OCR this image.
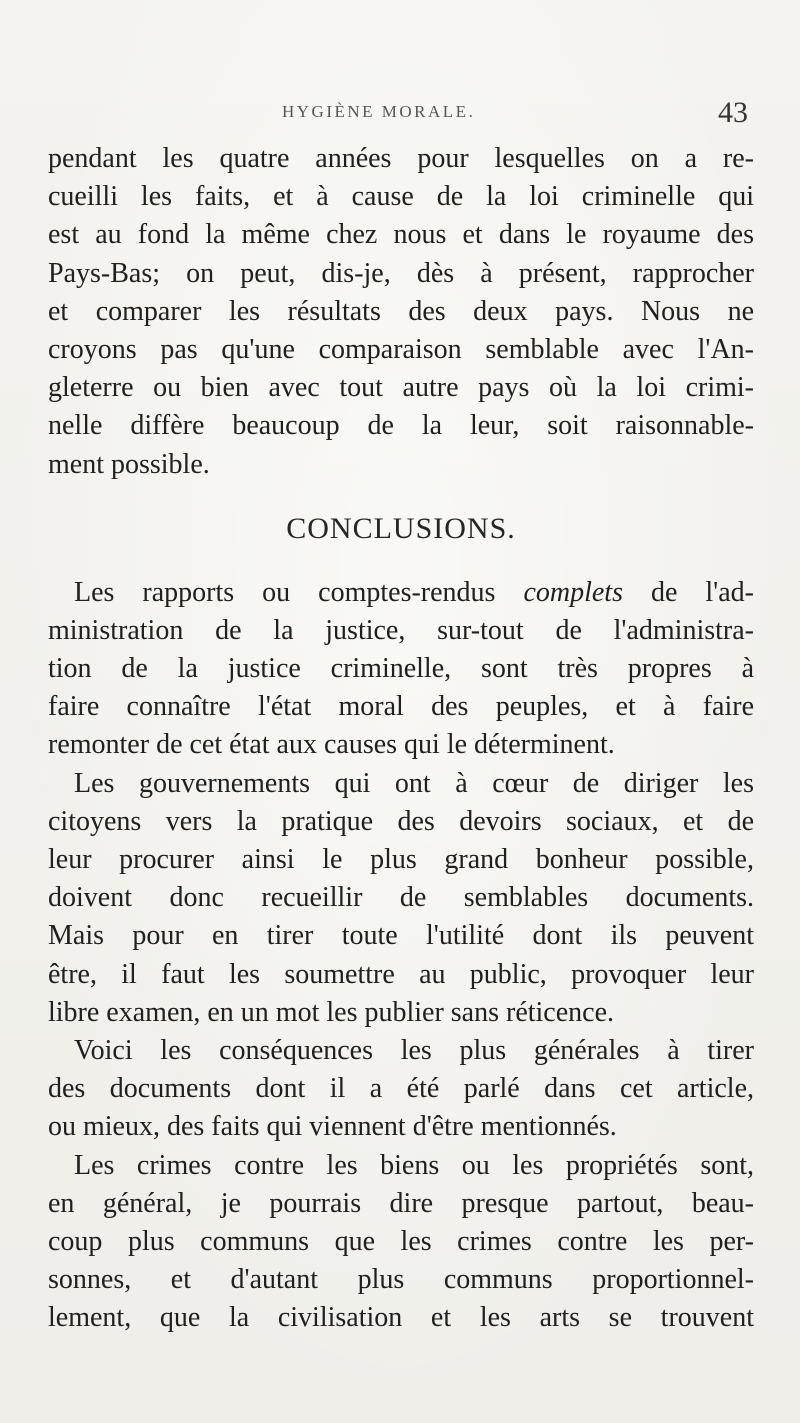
HYGIÈNE MORALE.	43
pendant les quatre années pour lesquelles on a re-
cueilli les faits, et à cause de la loi criminelle qui
est au fond la même chez nous et dans le royaume des
Pays-Bas; on peut, dis-je, dès à présent, rapprocher
et comparer les résultats des deux pays. Nous ne
croyons pas qu'une comparaison semblable avec l'An-
gleterre ou bien avec tout autre pays où la loi crimi-
nelle diffère beaucoup de la leur, soit raisonnable-
ment possible.
CONCLUSIONS.
Les rapports ou comptes-rendus complets de l'ad-
ministration de la justice, sur-tout de l'administra-
tion de la justice criminelle, sont très propres à
faire connaître l'état moral des peuples, et à faire
remonter de cet état aux causes qui le déterminent.
Les gouvernements qui ont à cœur de diriger les
citoyens vers la pratique des devoirs sociaux, et de
leur procurer ainsi le plus grand bonheur possible,
doivent donc recueillir de semblables documents.
Mais pour en tirer toute l'utilité dont ils peuvent
être, il faut les soumettre au public, provoquer leur
libre examen, en un mot les publier sans réticence.
Voici les conséquences les plus générales à tirer
des documents dont il a été parlé dans cet article,
ou mieux, des faits qui viennent d'être mentionnés.
Les crimes contre les biens ou les propriétés sont,
en général, je pourrais dire presque partout, beau-
coup plus communs que les crimes contre les per-
sonnes, et d'autant plus communs proportionnel-
lement, que la civilisation et les arts se trouvent
